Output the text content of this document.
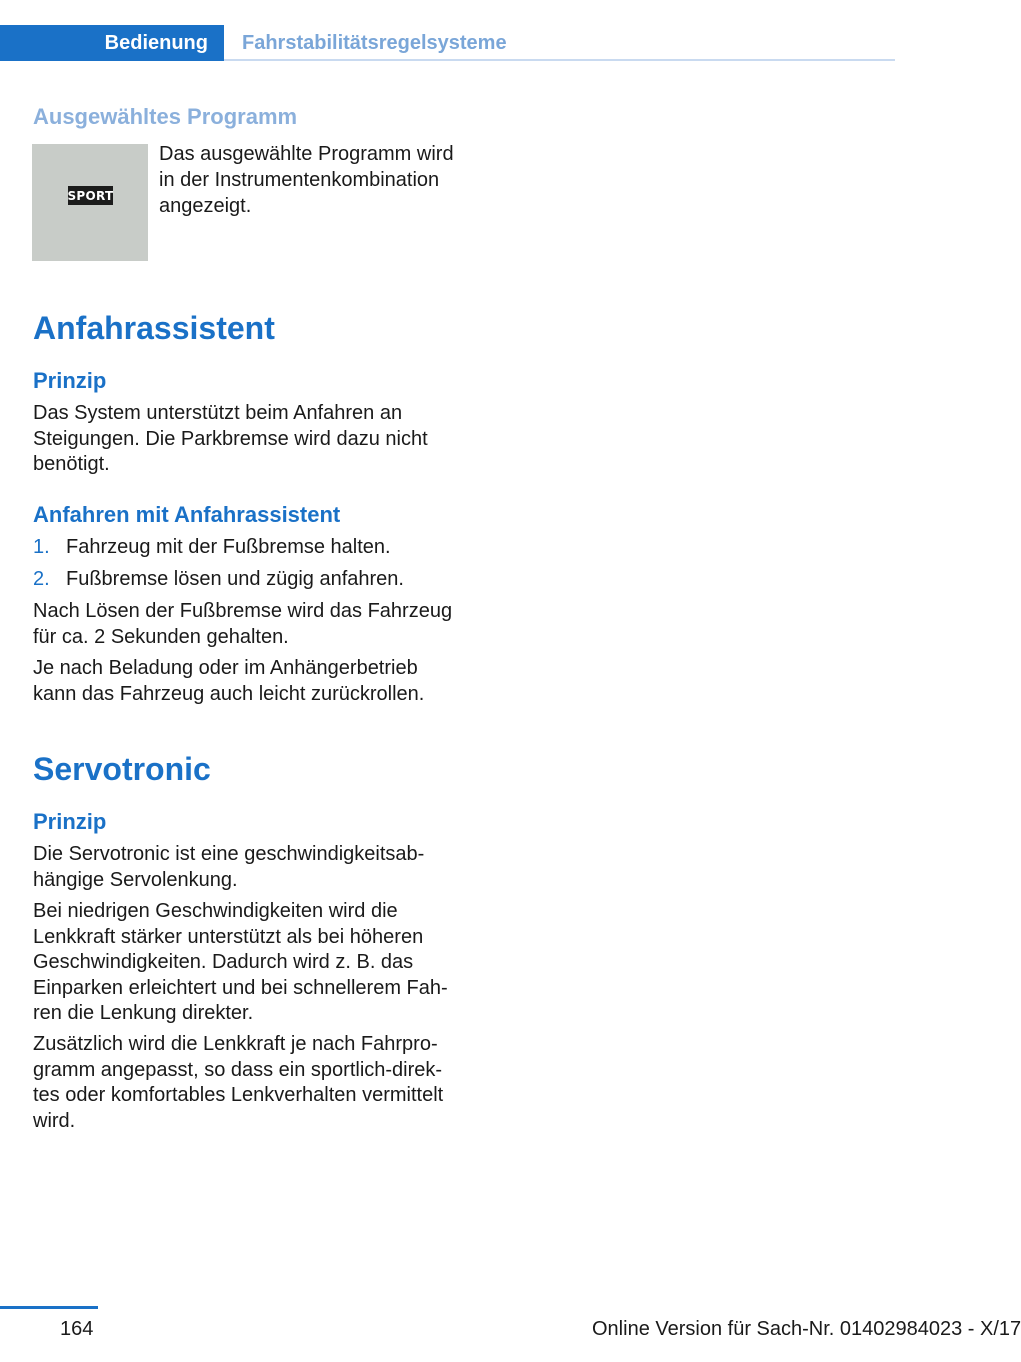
Bedienung	Fahrstabilitätsregelsysteme
Ausgewähltes Programm
SPORT
Das ausgewählte Programm wird in der Instrumentenkombination angezeigt.
Anfahrassistent
Prinzip

Das System unterstützt beim Anfahren an Steigungen. Die Parkbremse wird dazu nicht benötigt.

Anfahren mit Anfahrassistent
1. Fahrzeug mit der Fußbremse halten.
2. Fußbremse lösen und zügig anfahren.

Nach Lösen der Fußbremse wird das Fahrzeug für ca. 2 Sekunden gehalten.

Je nach Beladung oder im Anhängerbetrieb kann das Fahrzeug auch leicht zurückrollen.

Servotronic
Prinzip

Die Servotronic ist eine geschwindigkeitsabhängige Servolenkung.

Bei niedrigen Geschwindigkeiten wird die Lenkkraft stärker unterstützt als bei höheren Geschwindigkeiten. Dadurch wird z. B. das Einparken erleichtert und bei schnellerem Fahren die Lenkung direkter.

Zusätzlich wird die Lenkkraft je nach Fahrprogramm angepasst, so dass ein sportlich-direktes oder komfortables Lenkverhalten vermittelt wird.

164	Online Version für Sach-Nr. 01402984023 - X/17
